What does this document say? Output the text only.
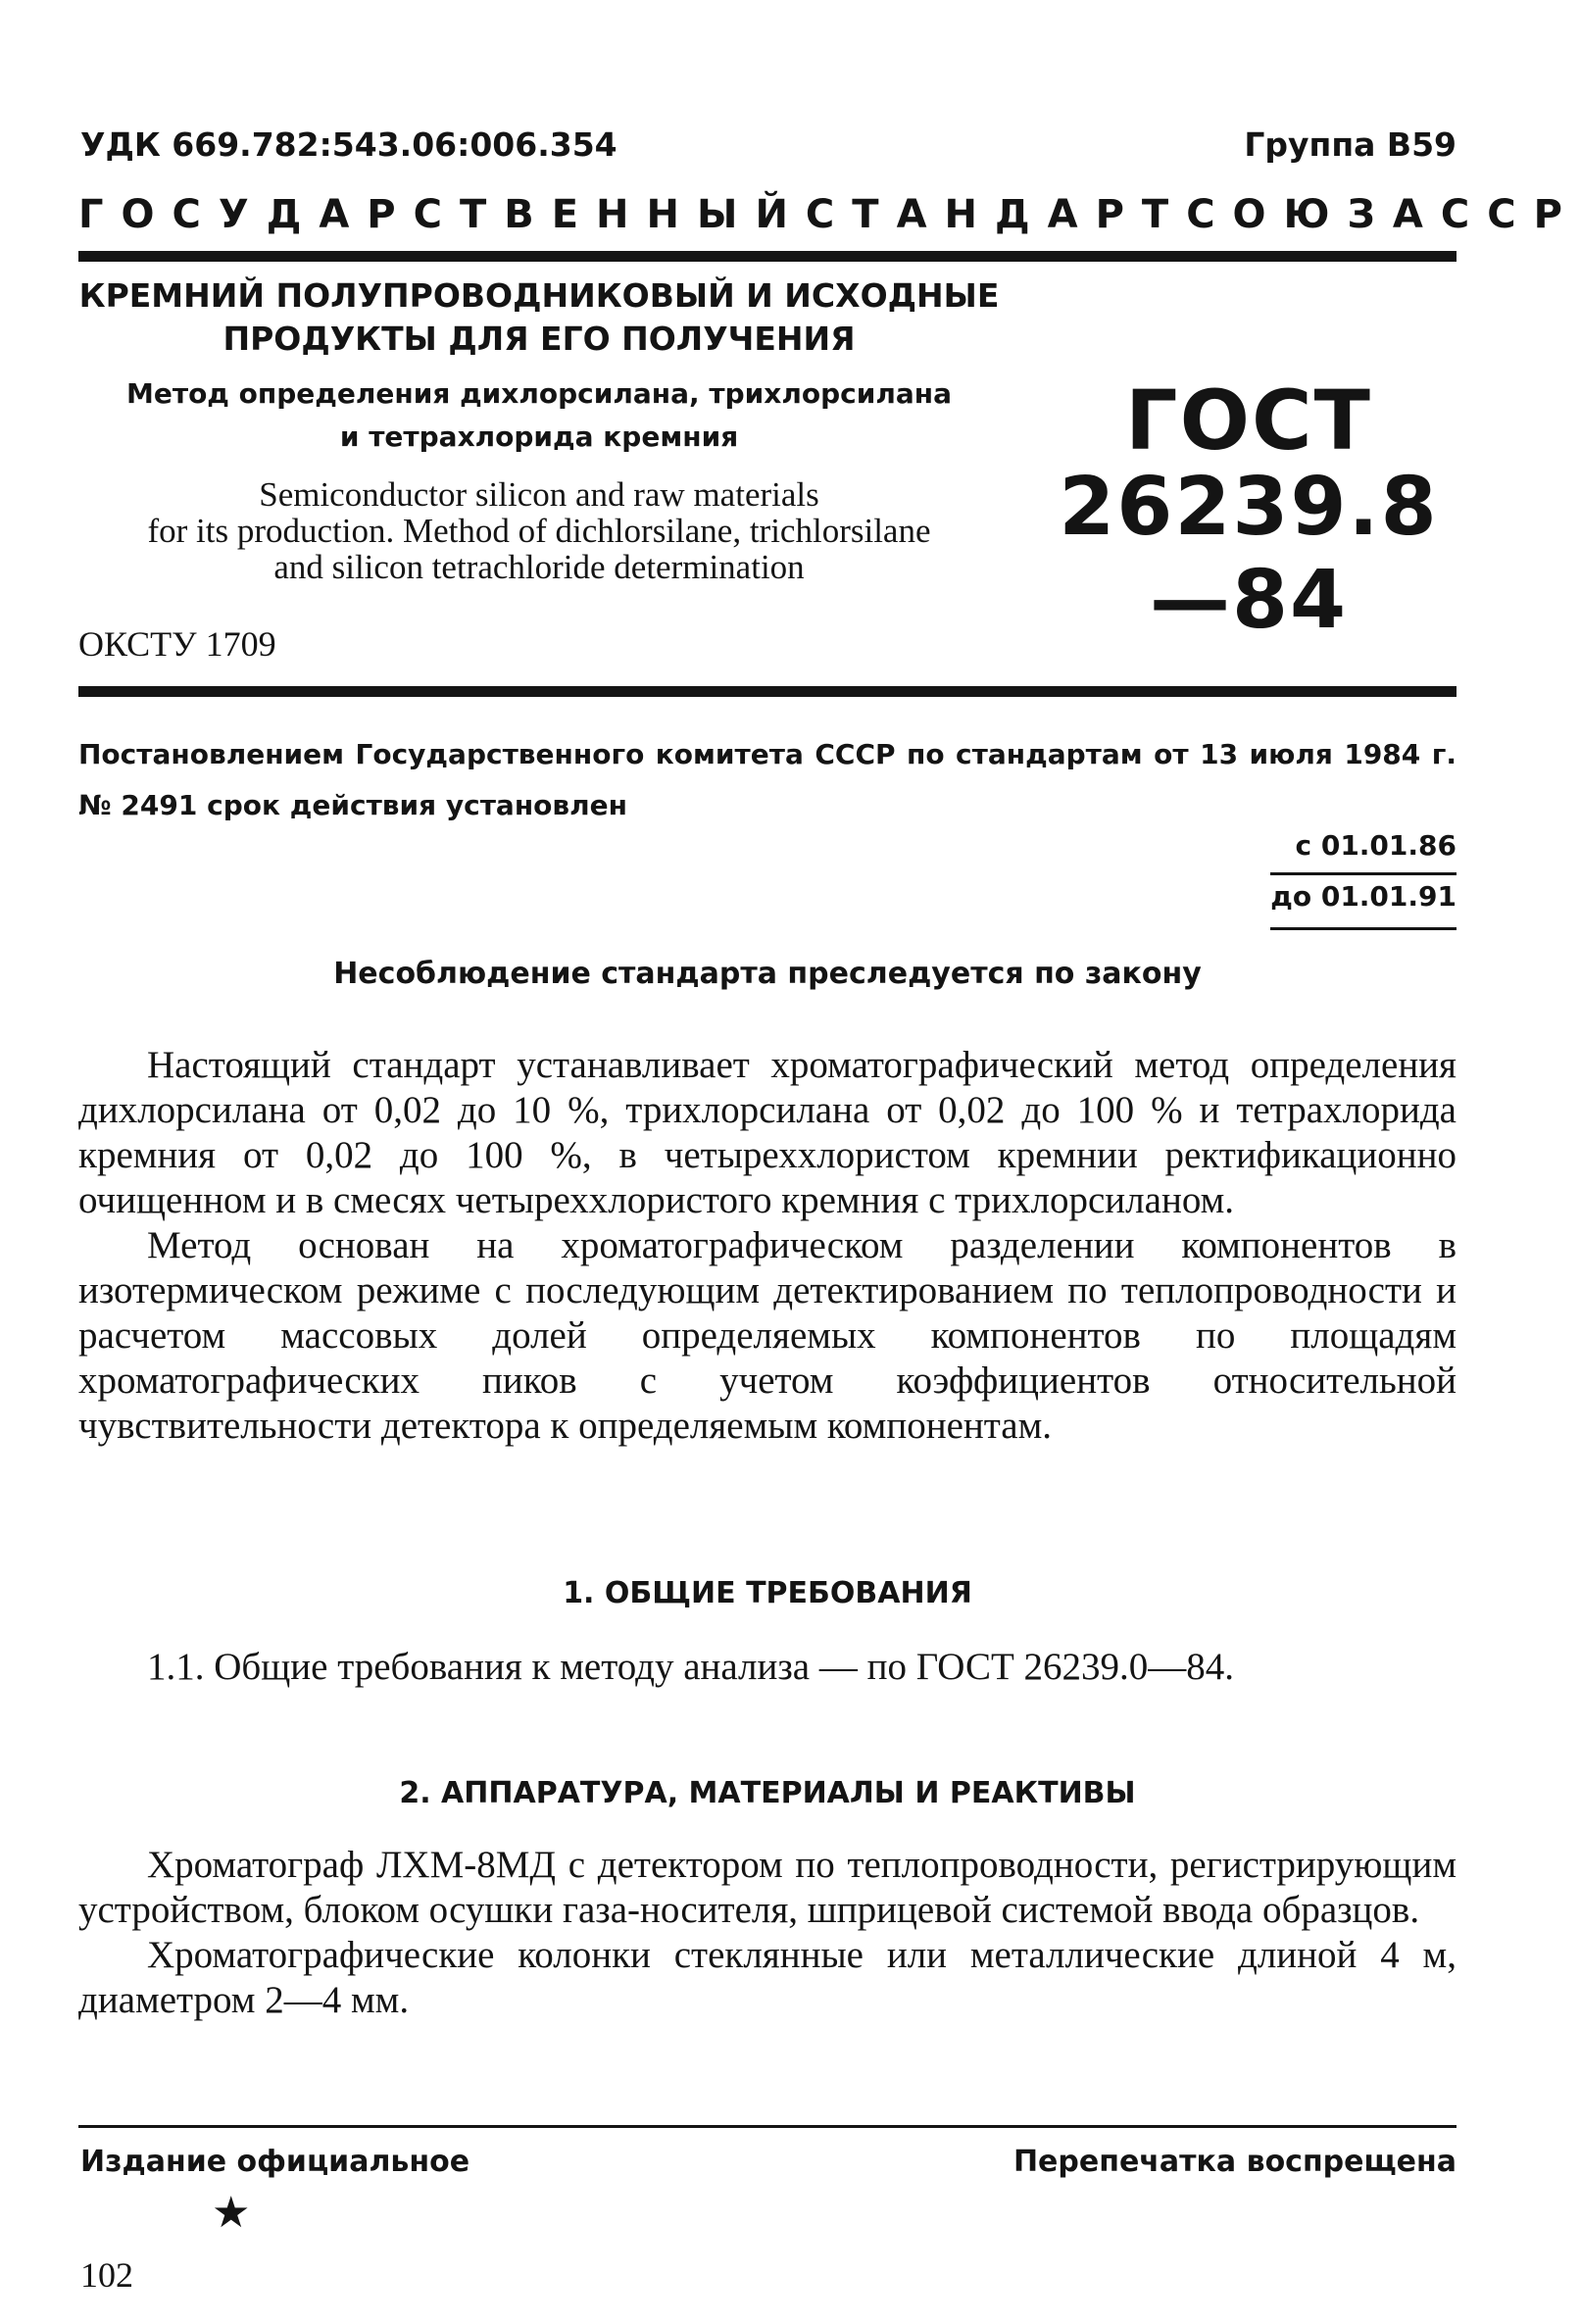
УДК 669.782:543.06:006.354	Группа В59
ГОСУДАРСТВЕННЫЙ СТАНДАРТ СОЮЗА ССР
КРЕМНИЙ ПОЛУПРОВОДНИКОВЫЙ И ИСХОДНЫЕ
ПРОДУКТЫ ДЛЯ ЕГО ПОЛУЧЕНИЯ
Метод определения дихлорсилана, трихлорсилана
и тетрахлорида кремния
Semiconductor silicon and raw materials
for its production. Method of dichlorsilane, trichlorsilane
and silicon tetrachloride determination
ГОСТ
26239.8—84
ОКСТУ 1709
Постановлением Государственного комитета СССР по стандартам от 13 июля 1984 г. № 2491 срок действия установлен
с 01.01.86
до 01.01.91
Несоблюдение стандарта преследуется по закону

Настоящий стандарт устанавливает хроматографический метод определения дихлорсилана от 0,02 до 10 %, трихлорсилана от 0,02 до 100 % и тетрахлорида кремния от 0,02 до 100 %, в четыреххлористом кремнии ректификационно очищенном и в смесях четыреххлористого кремния с трихлорсиланом.

Метод основан на хроматографическом разделении компонентов в изотермическом режиме с последующим детектированием по теплопроводности и расчетом массовых долей определяемых компонентов по площадям хроматографических пиков с учетом коэффициентов относительной чувствительности детектора к определяемым компонентам.

1. ОБЩИЕ ТРЕБОВАНИЯ

1.1. Общие требования к методу анализа — по ГОСТ 26239.0—84.

2. АППАРАТУРА, МАТЕРИАЛЫ И РЕАКТИВЫ

Хроматограф ЛХМ-8МД с детектором по теплопроводности, регистрирующим устройством, блоком осушки газа-носителя, шприцевой системой ввода образцов.

Хроматографические колонки стеклянные или металлические длиной 4 м, диаметром 2—4 мм.

Издание официальное	Перепечатка воспрещена
★
102
